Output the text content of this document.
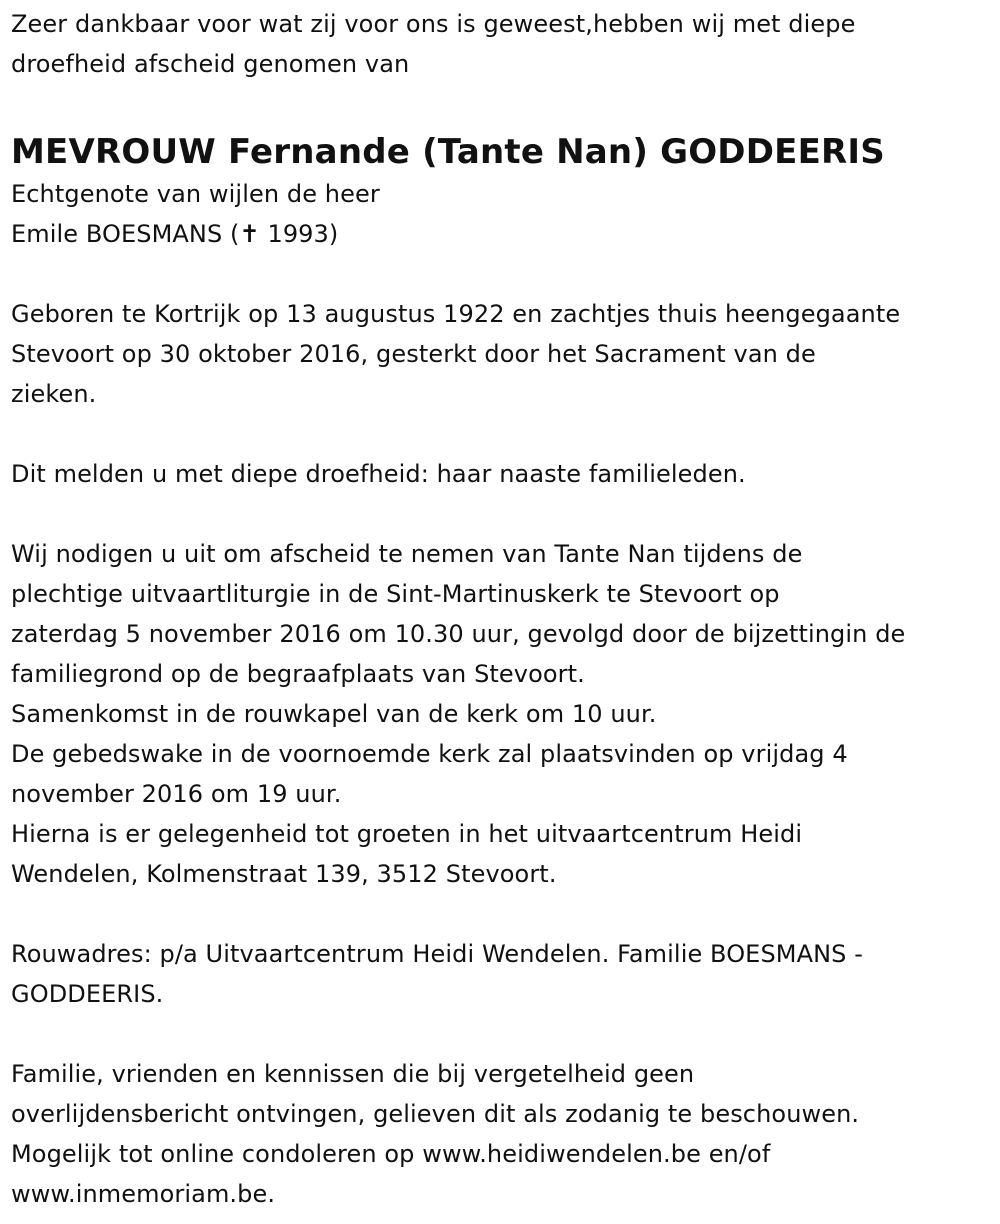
Zeer dankbaar voor wat zij voor ons is geweest,hebben wij met diepe
droefheid afscheid genomen van
MEVROUW Fernande (Tante Nan) GODDEERIS
Echtgenote van wijlen de heer
Emile BOESMANS (✝ 1993)
Geboren te Kortrijk op 13 augustus 1922 en zachtjes thuis heengegaante
Stevoort op 30 oktober 2016, gesterkt door het Sacrament van de
zieken.
Dit melden u met diepe droefheid: haar naaste familieleden.
Wij nodigen u uit om afscheid te nemen van Tante Nan tijdens de
plechtige uitvaartliturgie in de Sint-Martinuskerk te Stevoort op
zaterdag 5 november 2016 om 10.30 uur, gevolgd door de bijzettingin de
familiegrond op de begraafplaats van Stevoort.
Samenkomst in de rouwkapel van de kerk om 10 uur.
De gebedswake in de voornoemde kerk zal plaatsvinden op vrijdag 4
november 2016 om 19 uur.
Hierna is er gelegenheid tot groeten in het uitvaartcentrum Heidi
Wendelen, Kolmenstraat 139, 3512 Stevoort.
Rouwadres: p/a Uitvaartcentrum Heidi Wendelen. Familie BOESMANS -
GODDEERIS.
Familie, vrienden en kennissen die bij vergetelheid geen
overlijdensbericht ontvingen, gelieven dit als zodanig te beschouwen.
Mogelijk tot online condoleren op www.heidiwendelen.be en/of
www.inmemoriam.be.
